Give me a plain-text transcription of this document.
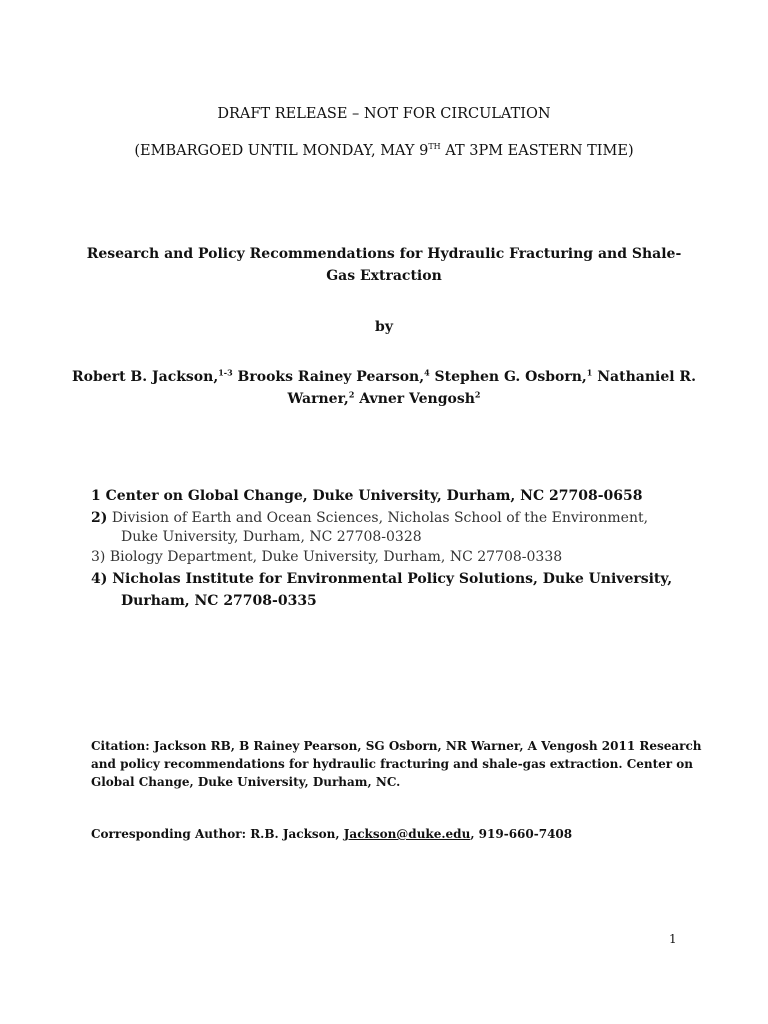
DRAFT RELEASE – NOT FOR CIRCULATION
(EMBARGOED UNTIL MONDAY, MAY 9TH AT 3PM EASTERN TIME)
Research and Policy Recommendations for Hydraulic Fracturing and Shale-
Gas Extraction
by
Robert B. Jackson,$^{1-3}$ Brooks Rainey Pearson,$^4$ Stephen G. Osborn,$^1$ Nathaniel R.
Warner,$^2$ Avner Vengosh$^2$
1 Center on Global Change, Duke University, Durham, NC 27708-0658
2) Division of Earth and Ocean Sciences, Nicholas School of the Environment,
Duke University, Durham, NC 27708-0328
3) Biology Department, Duke University, Durham, NC 27708-0338
4) Nicholas Institute for Environmental Policy Solutions, Duke University,
Durham, NC 27708-0335
Citation: Jackson RB, B Rainey Pearson, SG Osborn, NR Warner, A Vengosh 2011 Research
and policy recommendations for hydraulic fracturing and shale-gas extraction. Center on
Global Change, Duke University, Durham, NC.
Corresponding Author: R.B. Jackson, Jackson@duke.edu, 919-660-7408
1
